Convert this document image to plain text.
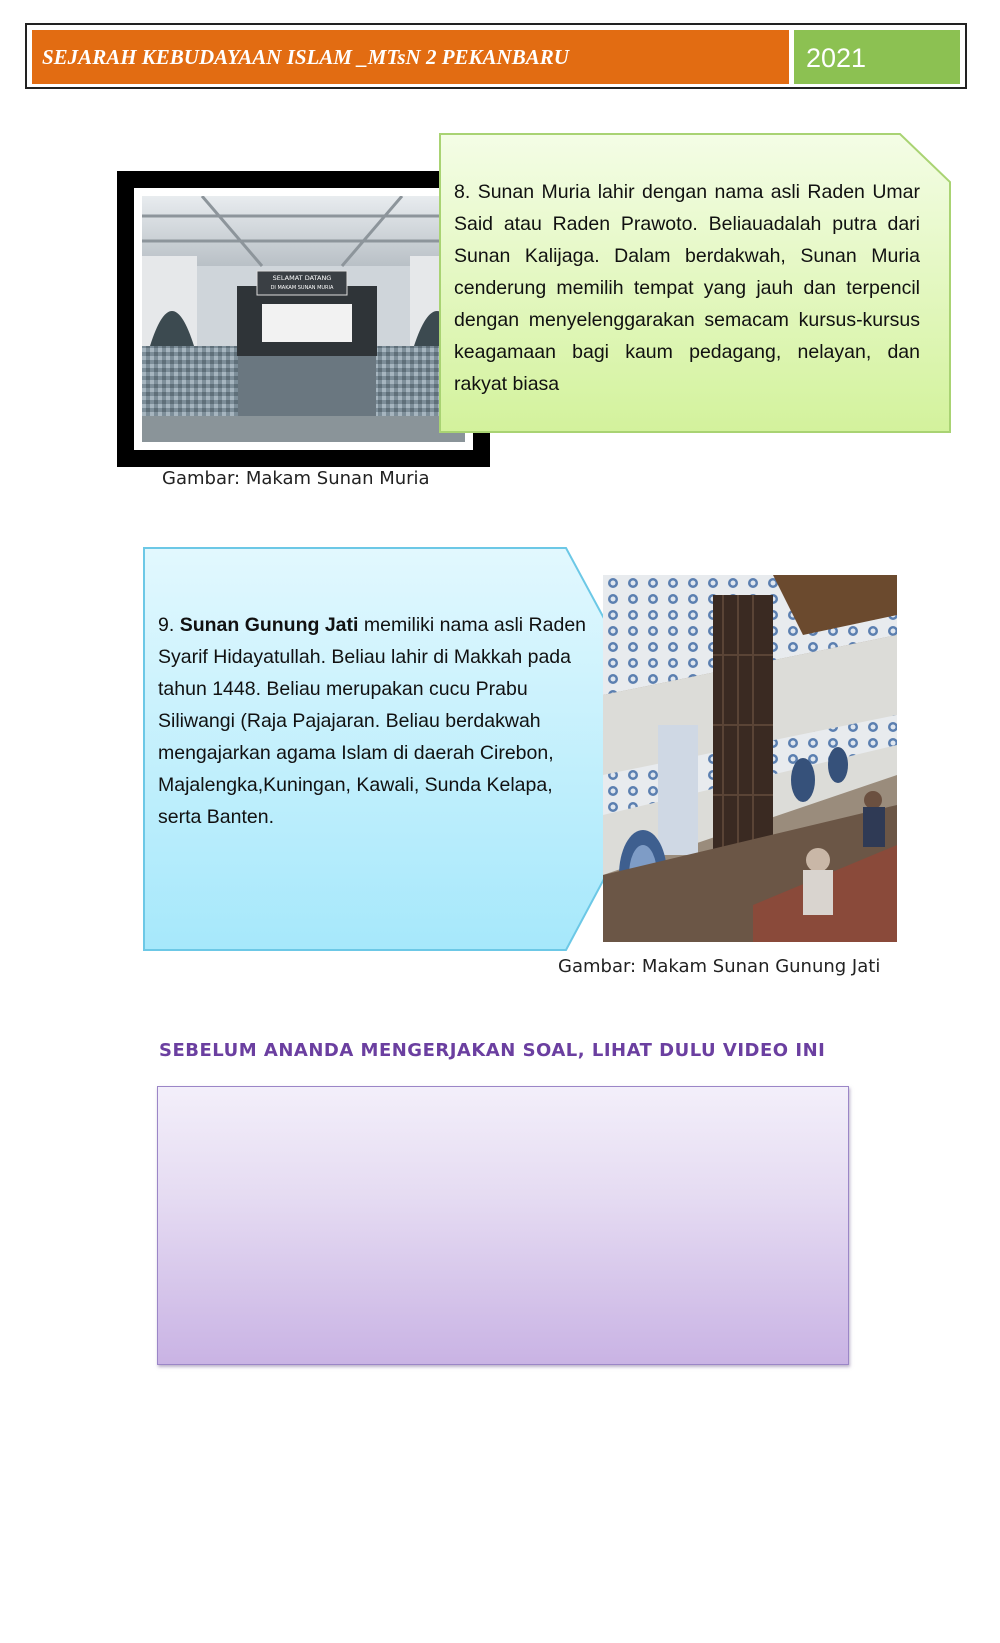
SEJARAH KEBUDAYAAN ISLAM _MTsN 2 PEKANBARU	2021
SELAMAT DATANG
DI MAKAM SUNAN MURIA
Gambar: Makam Sunan Muria
8. Sunan Muria lahir dengan nama asli Raden Umar Said atau Raden Prawoto. Beliauadalah putra dari Sunan Kalijaga. Dalam berdakwah, Sunan Muria cenderung memilih tempat yang jauh dan terpencil dengan menyelenggarakan semacam kursus-kursus keagamaan bagi kaum pedagang, nelayan, dan rakyat biasa
9. Sunan Gunung Jati memiliki nama asli Raden Syarif Hidayatullah. Beliau lahir di Makkah pada tahun 1448. Beliau merupakan cucu Prabu Siliwangi (Raja Pajajaran. Beliau berdakwah mengajarkan agama Islam di daerah Cirebon, Majalengka,Kuningan, Kawali, Sunda Kelapa, serta Banten.
Gambar: Makam Sunan Gunung Jati
SEBELUM ANANDA MENGERJAKAN SOAL, LIHAT DULU VIDEO INI
